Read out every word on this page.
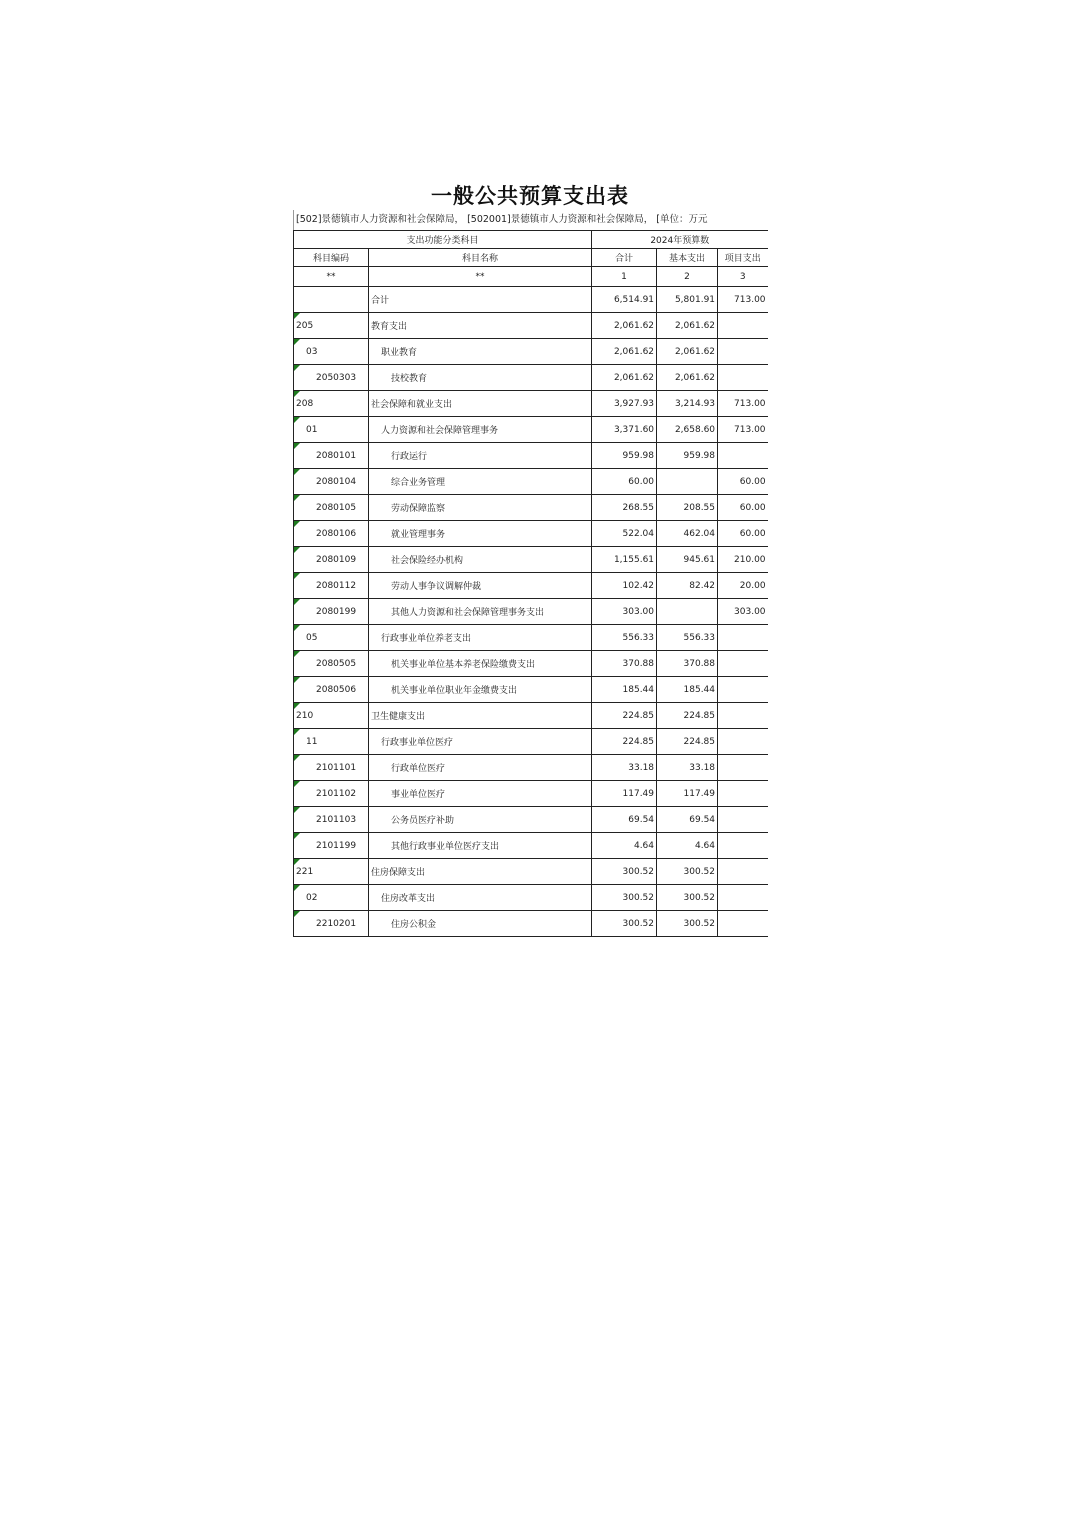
一般公共预算支出表
[502]景德镇市人力资源和社会保障局， [502001]景德镇市人力资源和社会保障局， [单位：万元
支出功能分类科目		2024年预算数		
科目编码	科目名称	合计	基本支出	项目支出
**	**	1	2	3
	合计	6,514.91	5,801.91	713.00
205	教育支出	2,061.62	2,061.62	
03	职业教育	2,061.62	2,061.62	
2050303	技校教育	2,061.62	2,061.62	
208	社会保障和就业支出	3,927.93	3,214.93	713.00
01	人力资源和社会保障管理事务	3,371.60	2,658.60	713.00
2080101	行政运行	959.98	959.98	
2080104	综合业务管理	60.00		60.00
2080105	劳动保障监察	268.55	208.55	60.00
2080106	就业管理事务	522.04	462.04	60.00
2080109	社会保险经办机构	1,155.61	945.61	210.00
2080112	劳动人事争议调解仲裁	102.42	82.42	20.00
2080199	其他人力资源和社会保障管理事务支出	303.00		303.00
05	行政事业单位养老支出	556.33	556.33	
2080505	机关事业单位基本养老保险缴费支出	370.88	370.88	
2080506	机关事业单位职业年金缴费支出	185.44	185.44	
210	卫生健康支出	224.85	224.85	
11	行政事业单位医疗	224.85	224.85	
2101101	行政单位医疗	33.18	33.18	
2101102	事业单位医疗	117.49	117.49	
2101103	公务员医疗补助	69.54	69.54	
2101199	其他行政事业单位医疗支出	4.64	4.64	
221	住房保障支出	300.52	300.52	
02	住房改革支出	300.52	300.52	
2210201	住房公积金	300.52	300.52	
